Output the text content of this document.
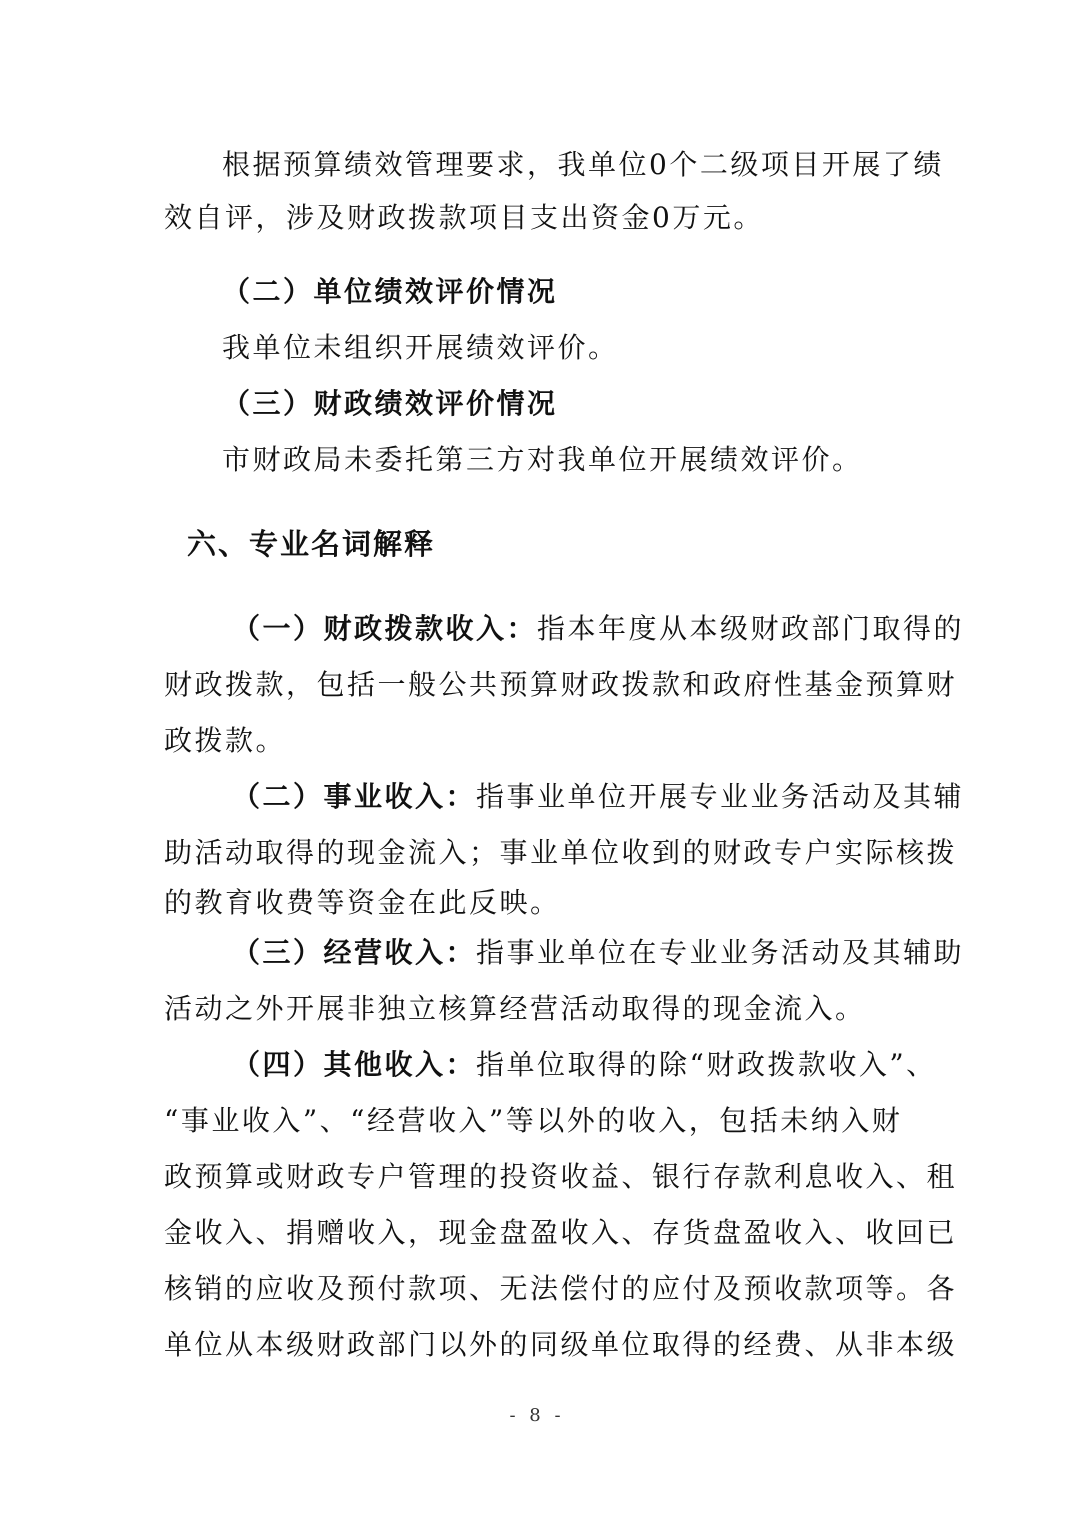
根据预算绩效管理要求，我单位0个二级项目开展了绩
效自评，涉及财政拨款项目支出资金0万元。
（二）单位绩效评价情况
我单位未组织开展绩效评价。
（三）财政绩效评价情况
市财政局未委托第三方对我单位开展绩效评价。
六、专业名词解释
（一）财政拨款收入：指本年度从本级财政部门取得的
财政拨款，包括一般公共预算财政拨款和政府性基金预算财
政拨款。
（二）事业收入：指事业单位开展专业业务活动及其辅
助活动取得的现金流入；事业单位收到的财政专户实际核拨
的教育收费等资金在此反映。
（三）经营收入：指事业单位在专业业务活动及其辅助
活动之外开展非独立核算经营活动取得的现金流入。
（四）其他收入：指单位取得的除“财政拨款收入”、
“事业收入”、“经营收入”等以外的收入，包括未纳入财
政预算或财政专户管理的投资收益、银行存款利息收入、租
金收入、捐赠收入，现金盘盈收入、存货盘盈收入、收回已
核销的应收及预付款项、无法偿付的应付及预收款项等。各
单位从本级财政部门以外的同级单位取得的经费、从非本级
- 8 -
